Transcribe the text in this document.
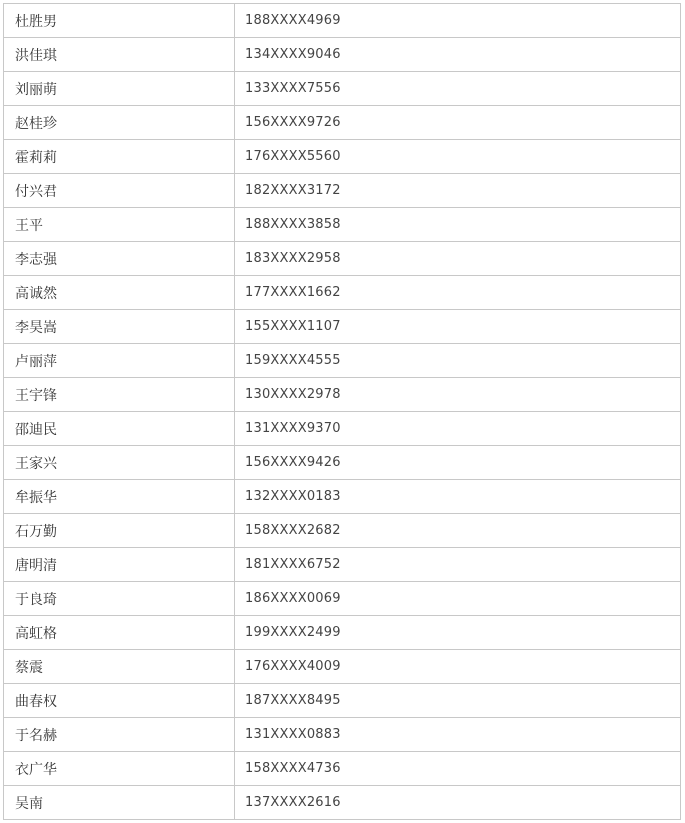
杜胜男	188XXXX4969
洪佳琪	134XXXX9046
刘丽萌	133XXXX7556
赵桂珍	156XXXX9726
霍莉莉	176XXXX5560
付兴君	182XXXX3172
王平	188XXXX3858
李志强	183XXXX2958
高诚然	177XXXX1662
李昊嵩	155XXXX1107
卢丽萍	159XXXX4555
王宇锋	130XXXX2978
邵迪民	131XXXX9370
王家兴	156XXXX9426
牟振华	132XXXX0183
石万勤	158XXXX2682
唐明清	181XXXX6752
于良琦	186XXXX0069
高虹格	199XXXX2499
蔡震	176XXXX4009
曲春权	187XXXX8495
于名赫	131XXXX0883
衣广华	158XXXX4736
吴南	137XXXX2616
